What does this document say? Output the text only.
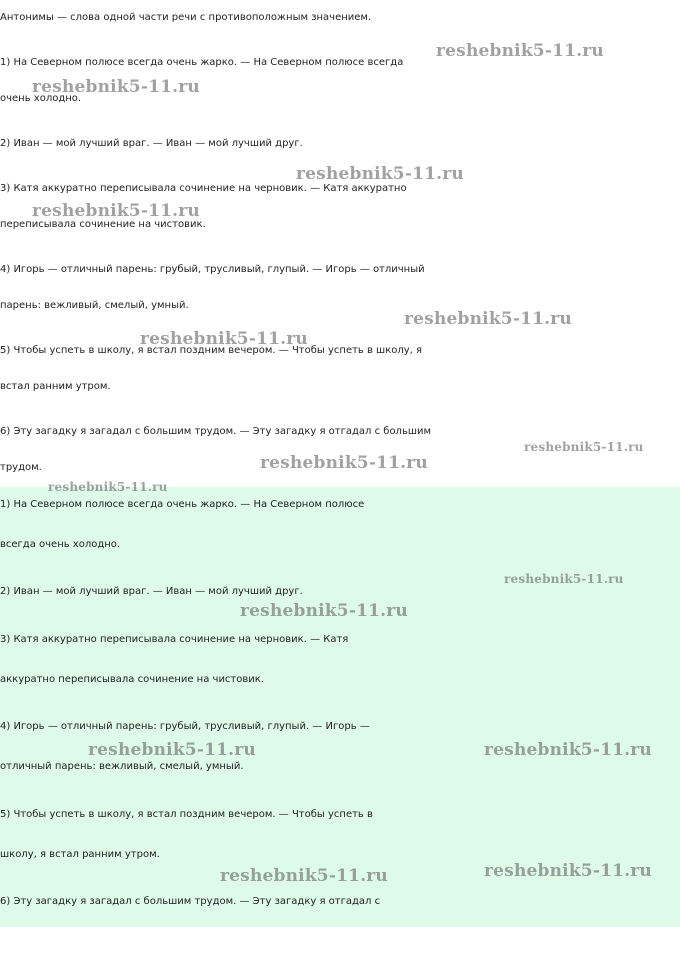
Антонимы — слова одной части речи с противоположным значением.

1) На Северном полюсе всегда очень жарко. — На Северном полюсе всегда

очень холодно.

2) Иван — мой лучший враг. — Иван — мой лучший друг.

3) Катя аккуратно переписывала сочинение на черновик. — Катя аккуратно

переписывала сочинение на чистовик.

4) Игорь — отличный парень: грубый, трусливый, глупый. — Игорь — отличный

парень: вежливый, смелый, умный.

5) Чтобы успеть в школу, я встал поздним вечером. — Чтобы успеть в школу, я

встал ранним утром.

6) Эту загадку я загадал с большим трудом. — Эту загадку я отгадал с большим

трудом.

1) На Северном полюсе всегда очень жарко. — На Северном полюсе

всегда очень холодно.

2) Иван — мой лучший враг. — Иван — мой лучший друг.

3) Катя аккуратно переписывала сочинение на черновик. — Катя

аккуратно переписывала сочинение на чистовик.

4) Игорь — отличный парень: грубый, трусливый, глупый. — Игорь —

отличный парень: вежливый, смелый, умный.

5) Чтобы успеть в школу, я встал поздним вечером. — Чтобы успеть в

школу, я встал ранним утром.

6) Эту загадку я загадал с большим трудом. — Эту загадку я отгадал с

reshebnik5-11.ru
reshebnik5-11.ru
reshebnik5-11.ru
reshebnik5-11.ru
reshebnik5-11.ru
reshebnik5-11.ru
reshebnik5-11.ru
reshebnik5-11.ru
reshebnik5-11.ru
reshebnik5-11.ru
reshebnik5-11.ru
reshebnik5-11.ru	reshebnik5-11.ru
reshebnik5-11.ru
reshebnik5-11.ru
